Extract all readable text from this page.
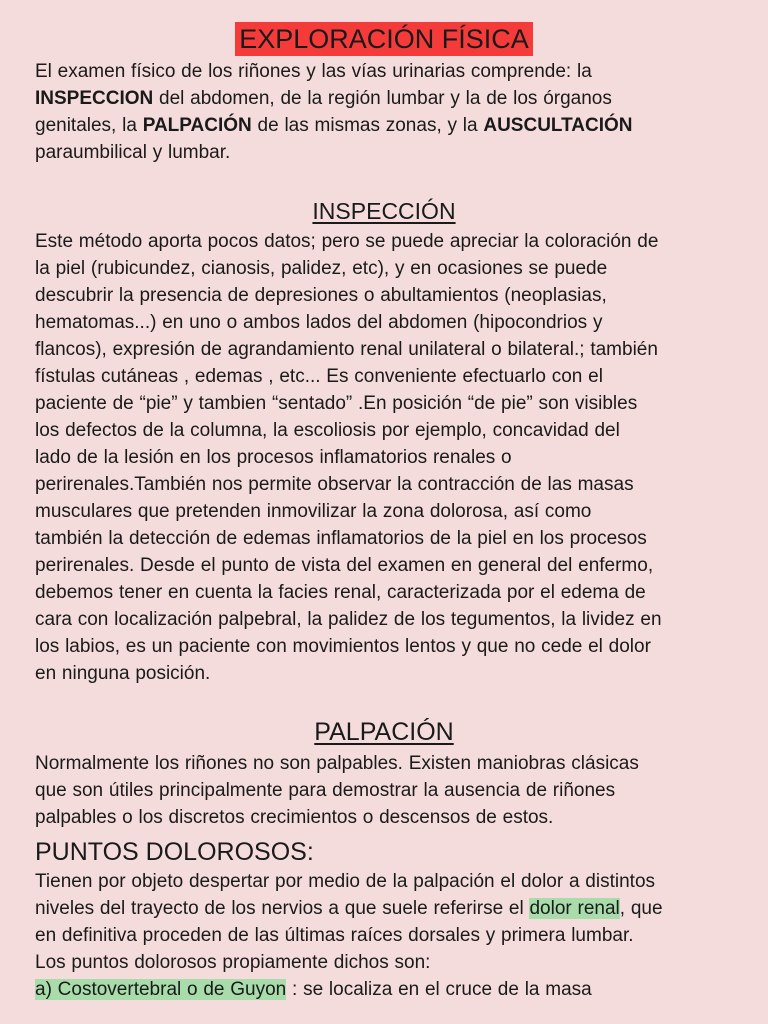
EXPLORACIÓN FÍSICA
El examen físico de los riñones y las vías urinarias comprende: la
INSPECCION del abdomen, de la región lumbar y la de los órganos
genitales, la PALPACIÓN de las mismas zonas, y la AUSCULTACIÓN
paraumbilical y lumbar.
INSPECCIÓN
Este método aporta pocos datos; pero se puede apreciar la coloración de
la piel (rubicundez, cianosis, palidez, etc), y en ocasiones se puede
descubrir la presencia de depresiones o abultamientos (neoplasias,
hematomas...) en uno o ambos lados del abdomen (hipocondrios y
flancos), expresión de agrandamiento renal unilateral o bilateral.; también
fístulas cutáneas , edemas , etc... Es conveniente efectuarlo con el
paciente de “pie” y tambien “sentado” .En posición “de pie” son visibles
los defectos de la columna, la escoliosis por ejemplo, concavidad del
lado de la lesión en los procesos inflamatorios renales o
perirenales.También nos permite observar la contracción de las masas
musculares que pretenden inmovilizar la zona dolorosa, así como
también la detección de edemas inflamatorios de la piel en los procesos
perirenales. Desde el punto de vista del examen en general del enfermo,
debemos tener en cuenta la facies renal, caracterizada por el edema de
cara con localización palpebral, la palidez de los tegumentos, la lividez en
los labios, es un paciente con movimientos lentos y que no cede el dolor
en ninguna posición.
PALPACIÓN
Normalmente los riñones no son palpables. Existen maniobras clásicas
que son útiles principalmente para demostrar la ausencia de riñones
palpables o los discretos crecimientos o descensos de estos.
PUNTOS DOLOROSOS:
Tienen por objeto despertar por medio de la palpación el dolor a distintos
niveles del trayecto de los nervios a que suele referirse el dolor renal, que
en definitiva proceden de las últimas raíces dorsales y primera lumbar.
Los puntos dolorosos propiamente dichos son:
a) Costovertebral o de Guyon : se localiza en el cruce de la masa
